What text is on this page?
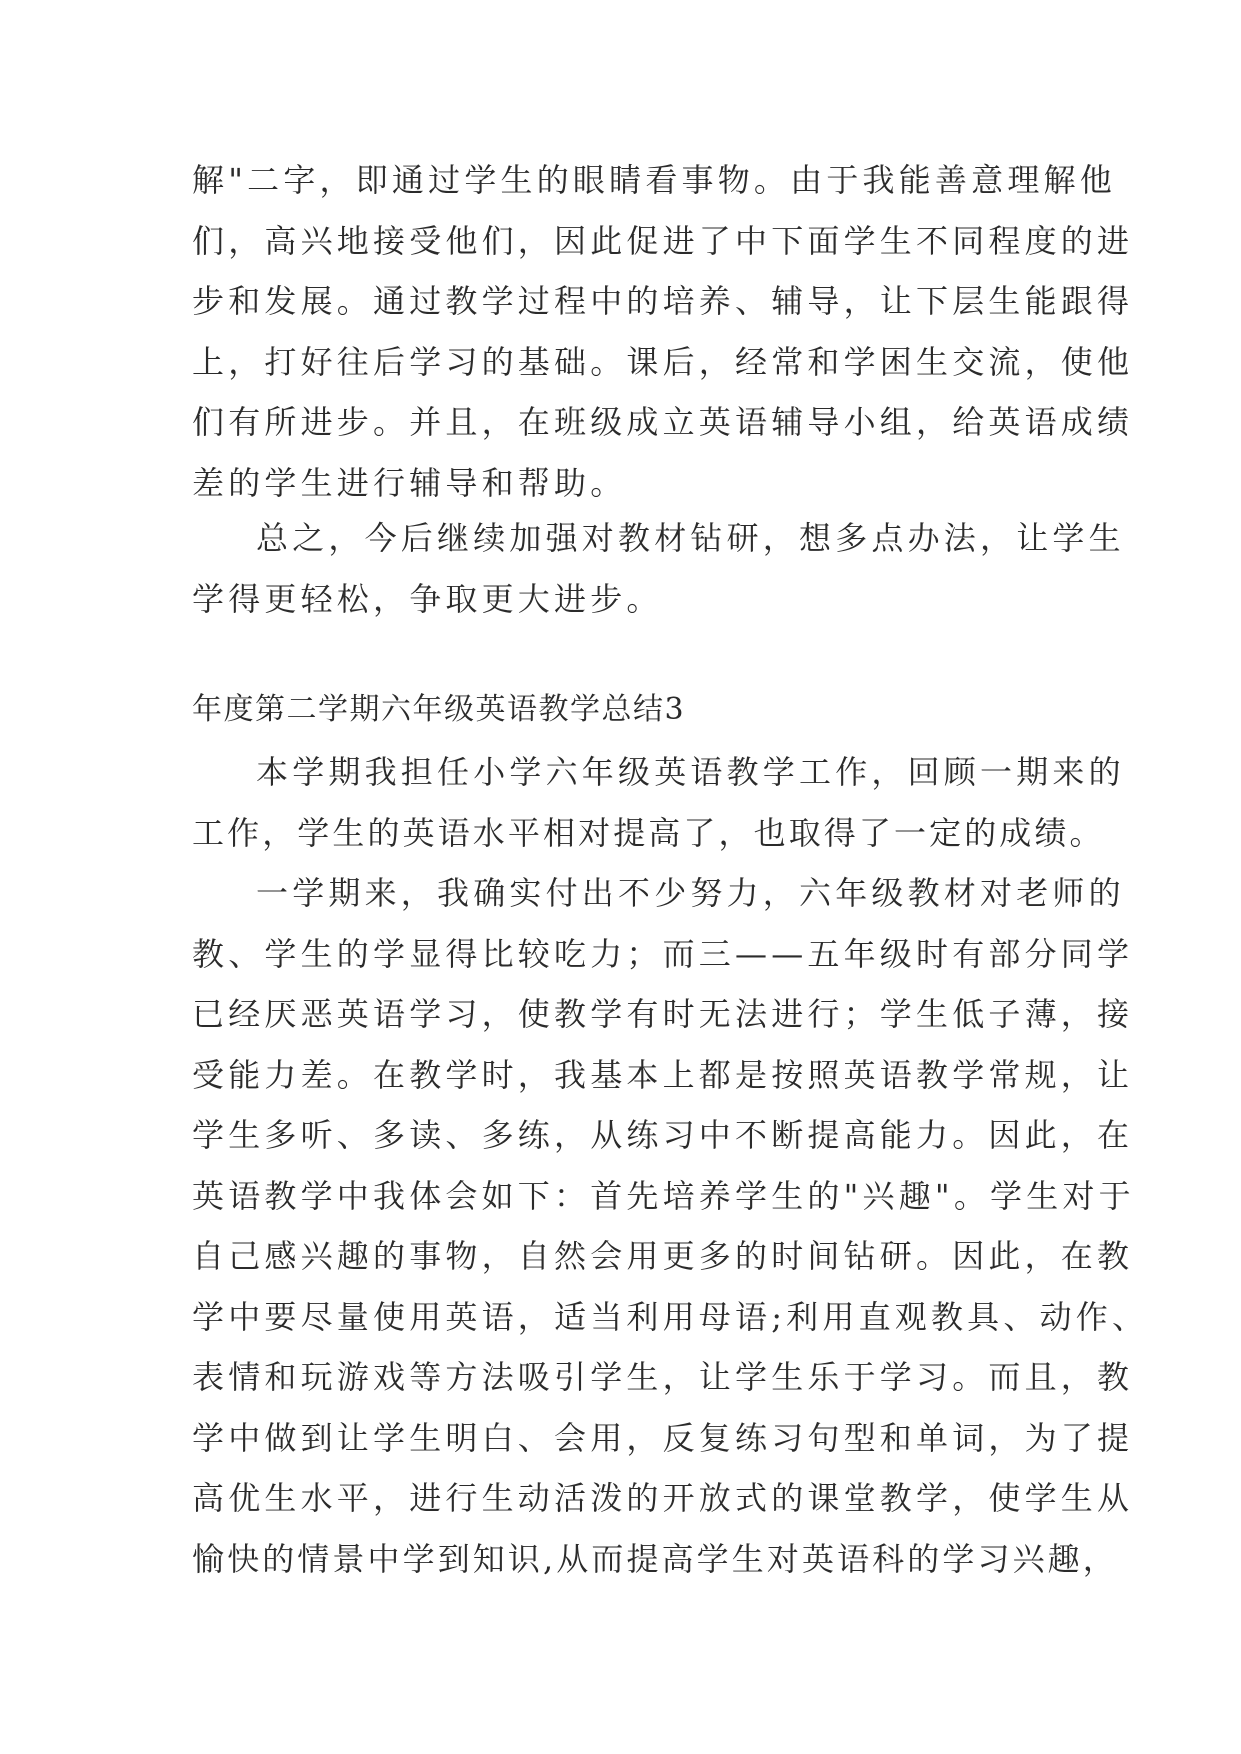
解"二字，即通过学生的眼睛看事物。由于我能善意理解他
们，高兴地接受他们，因此促进了中下面学生不同程度的进
步和发展。通过教学过程中的培养、辅导，让下层生能跟得
上，打好往后学习的基础。课后，经常和学困生交流，使他
们有所进步。并且，在班级成立英语辅导小组，给英语成绩
差的学生进行辅导和帮助。
总之，今后继续加强对教材钻研，想多点办法，让学生
学得更轻松，争取更大进步。
年度第二学期六年级英语教学总结3
本学期我担任小学六年级英语教学工作，回顾一期来的
工作，学生的英语水平相对提高了，也取得了一定的成绩。
一学期来，我确实付出不少努力，六年级教材对老师的
教、学生的学显得比较吃力；而三——五年级时有部分同学
已经厌恶英语学习，使教学有时无法进行；学生低子薄，接
受能力差。在教学时，我基本上都是按照英语教学常规，让
学生多听、多读、多练，从练习中不断提高能力。因此，在
英语教学中我体会如下：首先培养学生的"兴趣"。学生对于
自己感兴趣的事物，自然会用更多的时间钻研。因此，在教
学中要尽量使用英语，适当利用母语;利用直观教具、动作、
表情和玩游戏等方法吸引学生，让学生乐于学习。而且，教
学中做到让学生明白、会用，反复练习句型和单词，为了提
高优生水平，进行生动活泼的开放式的课堂教学，使学生从
愉快的情景中学到知识,从而提高学生对英语科的学习兴趣，
